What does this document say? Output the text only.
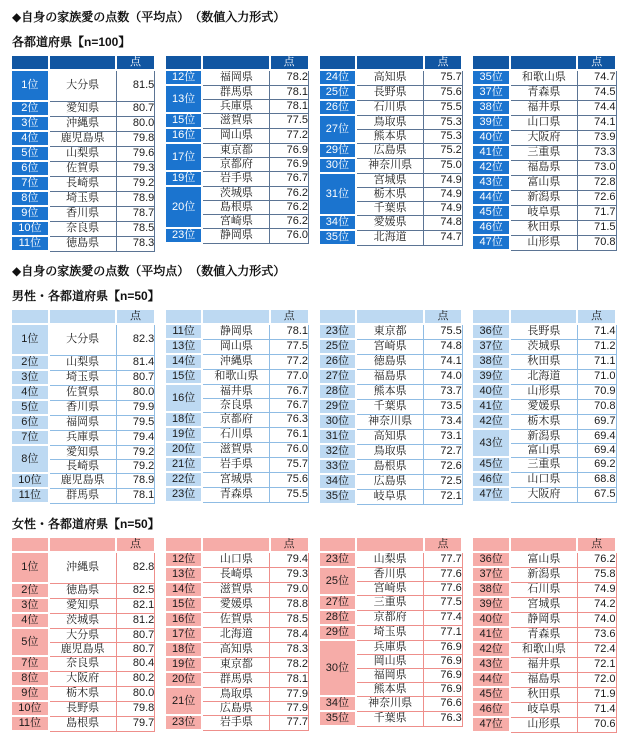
◆自身の家族愛の点数（平均点）　（数値入力形式）
各都道府県【n=100】
		点
1位	大分県	81.5
2位	愛知県	80.7
3位	沖縄県	80.0
4位	鹿児島県	79.8
5位	山梨県	79.6
6位	佐賀県	79.3
7位	長崎県	79.2
8位	埼玉県	78.9
9位	香川県	78.7
10位	奈良県	78.5
11位	徳島県	78.3
		点
12位	福岡県	78.2
13位	群馬県	78.1
	兵庫県	78.1
15位	滋賀県	77.5
16位	岡山県	77.2
17位	東京都	76.9
	京都府	76.9
19位	岩手県	76.7
20位	茨城県	76.2
	島根県	76.2
	宮崎県	76.2
23位	静岡県	76.0
		点
24位	高知県	75.7
25位	長野県	75.6
26位	石川県	75.5
27位	鳥取県	75.3
	熊本県	75.3
29位	広島県	75.2
30位	神奈川県	75.0
31位	宮城県	74.9
	栃木県	74.9
	千葉県	74.9
34位	愛媛県	74.8
35位	北海道	74.7
		点
35位	和歌山県	74.7
37位	青森県	74.5
38位	福井県	74.4
39位	山口県	74.1
40位	大阪府	73.9
41位	三重県	73.3
42位	福島県	73.0
43位	富山県	72.8
44位	新潟県	72.6
45位	岐阜県	71.7
46位	秋田県	71.5
47位	山形県	70.8
◆自身の家族愛の点数（平均点）　（数値入力形式）
男性・各都道府県【n=50】
		点
1位	大分県	82.3
2位	山梨県	81.4
3位	埼玉県	80.7
4位	佐賀県	80.0
5位	香川県	79.9
6位	福岡県	79.5
7位	兵庫県	79.4
8位	愛知県	79.2
	長崎県	79.2
10位	鹿児島県	78.9
11位	群馬県	78.1
		点
11位	静岡県	78.1
13位	岡山県	77.5
14位	沖縄県	77.2
15位	和歌山県	77.0
16位	福井県	76.7
	奈良県	76.7
18位	京都府	76.3
19位	石川県	76.1
20位	滋賀県	76.0
21位	岩手県	75.7
22位	宮城県	75.6
23位	青森県	75.5
		点
23位	東京都	75.5
25位	宮崎県	74.8
26位	徳島県	74.1
27位	福島県	74.0
28位	熊本県	73.7
29位	千葉県	73.5
30位	神奈川県	73.4
31位	高知県	73.1
32位	鳥取県	72.7
33位	島根県	72.6
34位	広島県	72.5
35位	岐阜県	72.1
		点
36位	長野県	71.4
37位	茨城県	71.2
38位	秋田県	71.1
39位	北海道	71.0
40位	山形県	70.9
41位	愛媛県	70.8
42位	栃木県	69.7
43位	新潟県	69.4
	富山県	69.4
45位	三重県	69.2
46位	山口県	68.8
47位	大阪府	67.5
女性・各都道府県【n=50】
		点
1位	沖縄県	82.8
2位	徳島県	82.5
3位	愛知県	82.1
4位	茨城県	81.2
5位	大分県	80.7
	鹿児島県	80.7
7位	奈良県	80.4
8位	大阪府	80.2
9位	栃木県	80.0
10位	長野県	79.8
11位	島根県	79.7
		点
12位	山口県	79.4
13位	長崎県	79.3
14位	滋賀県	79.0
15位	愛媛県	78.8
16位	佐賀県	78.5
17位	北海道	78.4
18位	高知県	78.3
19位	東京都	78.2
20位	群馬県	78.1
21位	鳥取県	77.9
	広島県	77.9
23位	岩手県	77.7
		点
23位	山梨県	77.7
25位	香川県	77.6
	宮崎県	77.6
27位	三重県	77.5
28位	京都府	77.4
29位	埼玉県	77.1
30位	兵庫県	76.9
	岡山県	76.9
	福岡県	76.9
	熊本県	76.9
34位	神奈川県	76.6
35位	千葉県	76.3
		点
36位	富山県	76.2
37位	新潟県	75.8
38位	石川県	74.9
39位	宮城県	74.2
40位	静岡県	74.0
41位	青森県	73.6
42位	和歌山県	72.4
43位	福井県	72.1
44位	福島県	72.0
45位	秋田県	71.9
46位	岐阜県	71.4
47位	山形県	70.6
